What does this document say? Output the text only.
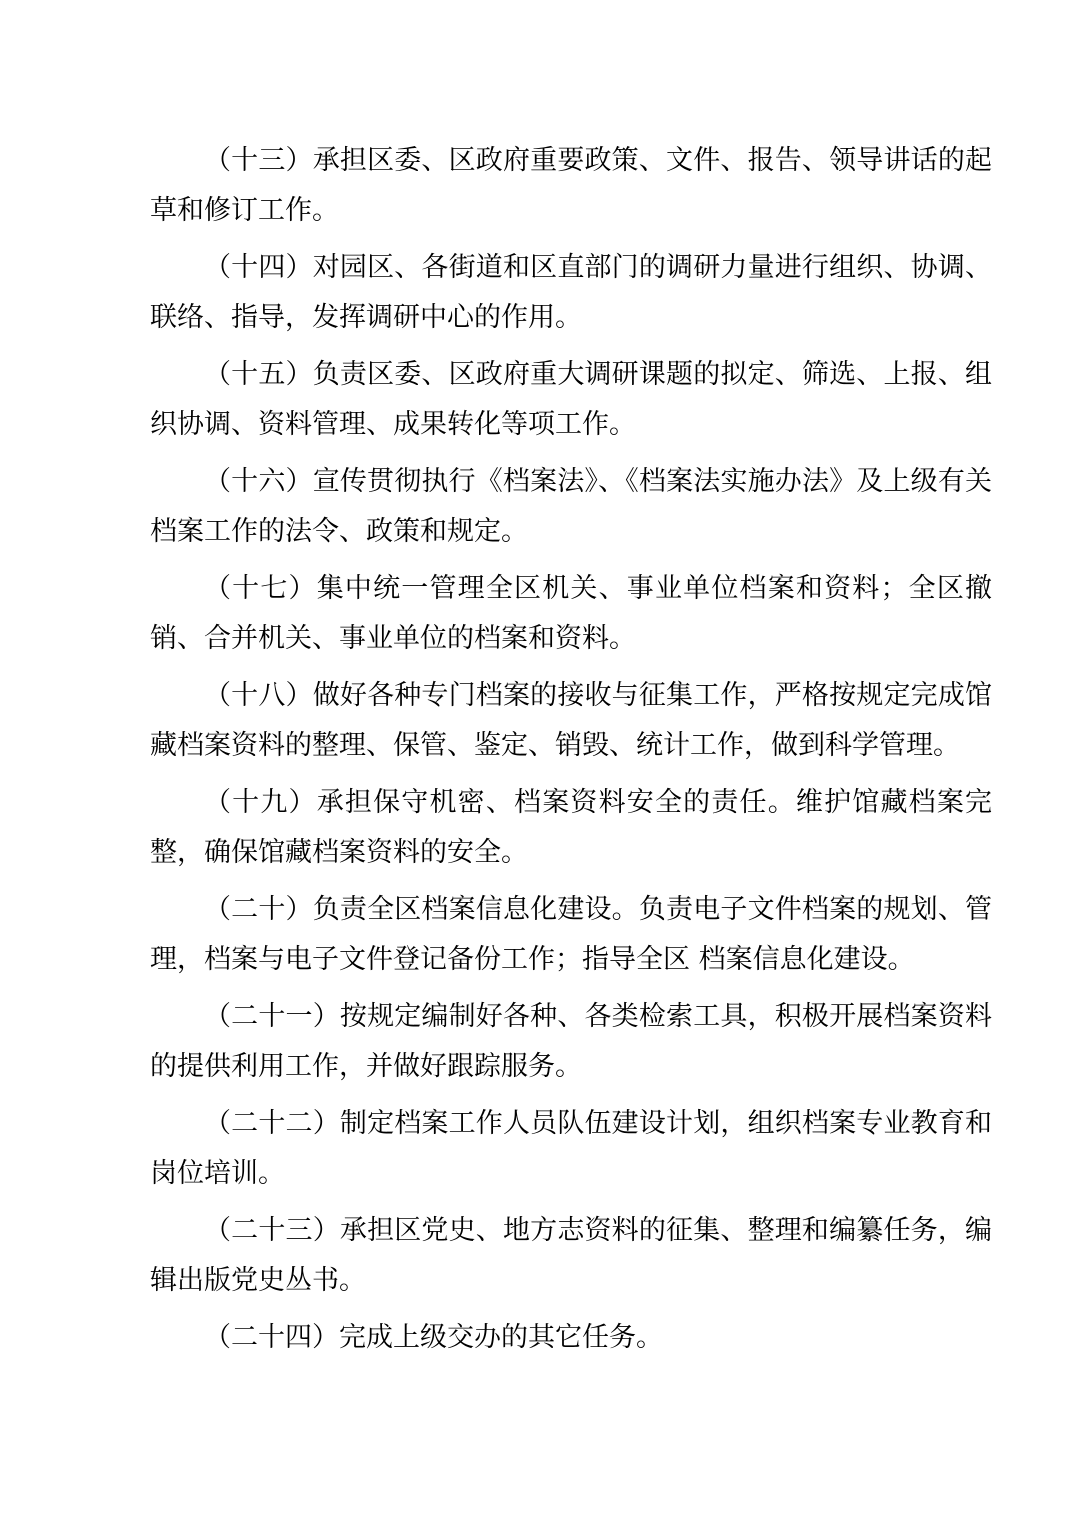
（十三）承担区委、区政府重要政策、文件、报告、领导讲话的起草和修订工作。

（十四）对园区、各街道和区直部门的调研力量进行组织、协调、联络、指导，发挥调研中心的作用。

（十五）负责区委、区政府重大调研课题的拟定、筛选、上报、组织协调、资料管理、成果转化等项工作。

（十六）宣传贯彻执行《档案法》、《档案法实施办法》及上级有关档案工作的法令、政策和规定。

（十七）集中统一管理全区机关、事业单位档案和资料；全区撤销、合并机关、事业单位的档案和资料。

（十八）做好各种专门档案的接收与征集工作，严格按规定完成馆藏档案资料的整理、保管、鉴定、销毁、统计工作，做到科学管理。

（十九）承担保守机密、档案资料安全的责任。维护馆藏档案完整，确保馆藏档案资料的安全。

（二十）负责全区档案信息化建设。负责电子文件档案的规划、管理，档案与电子文件登记备份工作；指导全区 档案信息化建设。

（二十一）按规定编制好各种、各类检索工具，积极开展档案资料的提供利用工作，并做好跟踪服务。

（二十二）制定档案工作人员队伍建设计划，组织档案专业教育和岗位培训。

（二十三）承担区党史、地方志资料的征集、整理和编纂任务，编辑出版党史丛书。

（二十四）完成上级交办的其它任务。
